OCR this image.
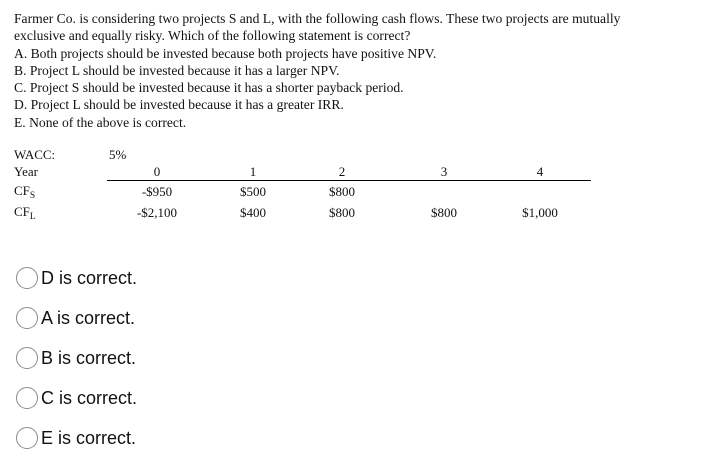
Farmer Co. is considering two projects S and L, with the following cash flows. These two projects are mutually

exclusive and equally risky. Which of the following statement is correct?

A. Both projects should be invested because both projects have positive NPV.

B. Project L should be invested because it has a larger NPV.

C. Project S should be invested because it has a shorter payback period.

D. Project L should be invested because it has a greater IRR.

E. None of the above is correct.

WACC:	5%
Year	0	1	2	3	4
$CF_S$	-$950	$500	$800
$CF_L$	-$2,100	$400	$800	$800	$1,000
D is correct.
A is correct.
B is correct.
C is correct.
E is correct.
